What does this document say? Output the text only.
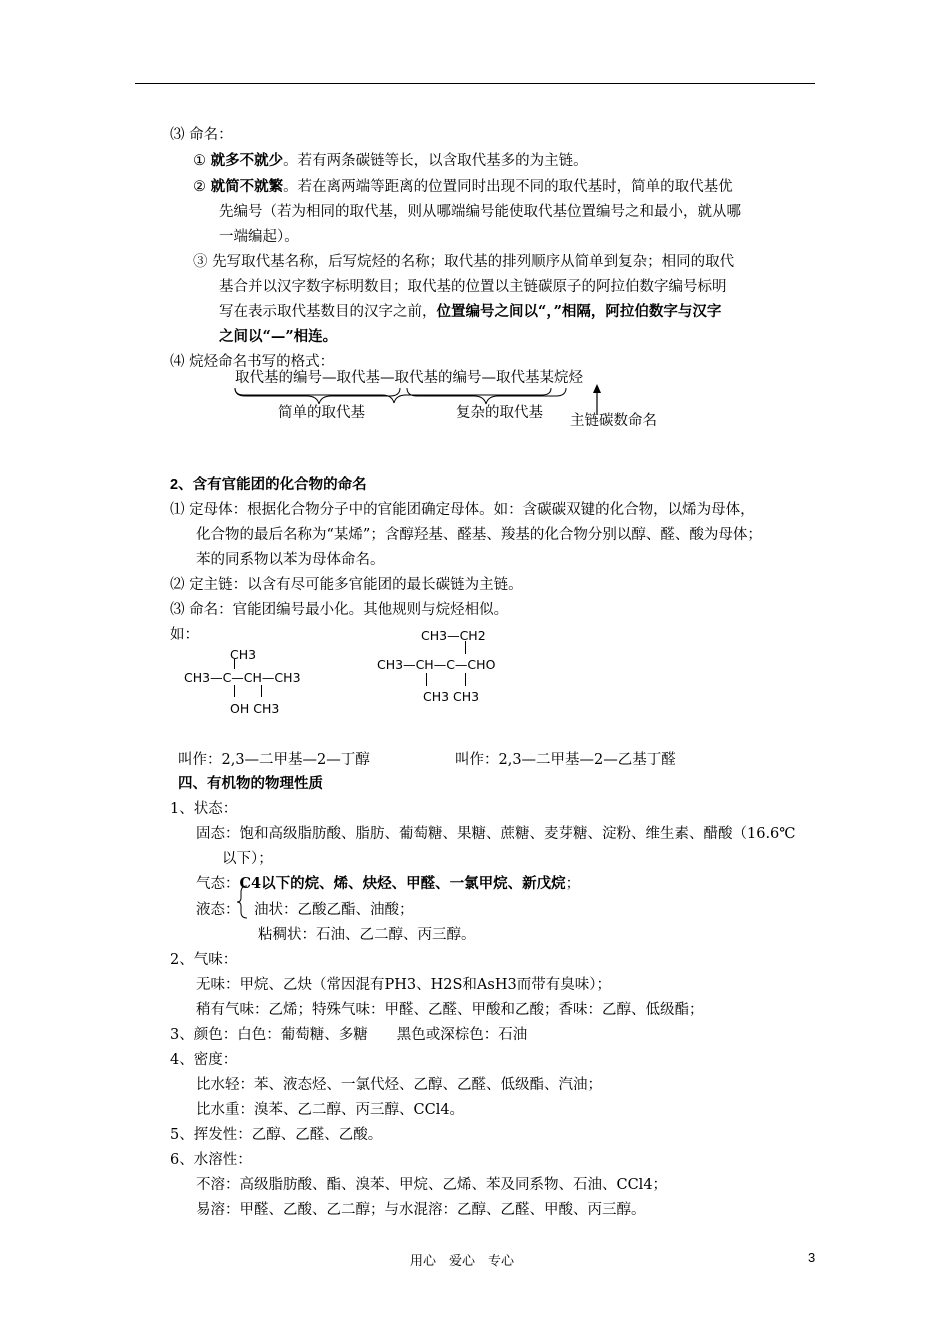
⑶ 命名：
① 就多不就少。若有两条碳链等长，以含取代基多的为主链。
② 就简不就繁。若在离两端等距离的位置同时出现不同的取代基时，简单的取代基优
先编号（若为相同的取代基，则从哪端编号能使取代基位置编号之和最小，就从哪
一端编起）。
③ 先写取代基名称，后写烷烃的名称；取代基的排列顺序从简单到复杂；相同的取代
基合并以汉字数字标明数目；取代基的位置以主链碳原子的阿拉伯数字编号标明
写在表示取代基数目的汉字之前，位置编号之间以“，”相隔，阿拉伯数字与汉字
之间以“—”相连。
⑷ 烷烃命名书写的格式：
取代基的编号—取代基—取代基的编号—取代基某烷烃
简单的取代基	复杂的取代基 主链碳数命名
2、含有官能团的化合物的命名
⑴ 定母体：根据化合物分子中的官能团确定母体。如：含碳碳双键的化合物，以烯为母体，
化合物的最后名称为“某烯”；含醇羟基、醛基、羧基的化合物分别以醇、醛、酸为母体；
苯的同系物以苯为母体命名。
⑵ 定主链：以含有尽可能多官能团的最长碳链为主链。
⑶ 命名：官能团编号最小化。其他规则与烷烃相似。
如：
CH3
CH3—C—CH—CH3
OH CH3
CH3—CH2
CH3—CH—C—CHO
CH3 CH3
叫作：2,3—二甲基—2—丁醇	叫作：2,3—二甲基—2—乙基丁醛
四、有机物的物理性质
1、状态：
固态：饱和高级脂肪酸、脂肪、葡萄糖、果糖、蔗糖、麦芽糖、淀粉、维生素、醋酸（16.6℃
以下）；
气态：C4以下的烷、烯、炔烃、甲醛、一氯甲烷、新戊烷；
液态： 油状：乙酸乙酯、油酸；
粘稠状：石油、乙二醇、丙三醇。
2、气味：
无味：甲烷、乙炔（常因混有PH3、H2S和AsH3而带有臭味）；
稍有气味：乙烯；特殊气味：甲醛、乙醛、甲酸和乙酸；香味：乙醇、低级酯；
3、颜色：白色：葡萄糖、多糖　　黑色或深棕色：石油
4、密度：
比水轻：苯、液态烃、一氯代烃、乙醇、乙醛、低级酯、汽油；
比水重：溴苯、乙二醇、丙三醇、CCl4。
5、挥发性：乙醇、乙醛、乙酸。
6、水溶性：
不溶：高级脂肪酸、酯、溴苯、甲烷、乙烯、苯及同系物、石油、CCl4；
易溶：甲醛、乙酸、乙二醇；与水混溶：乙醇、乙醛、甲酸、丙三醇。
用心　爱心　专心	3
